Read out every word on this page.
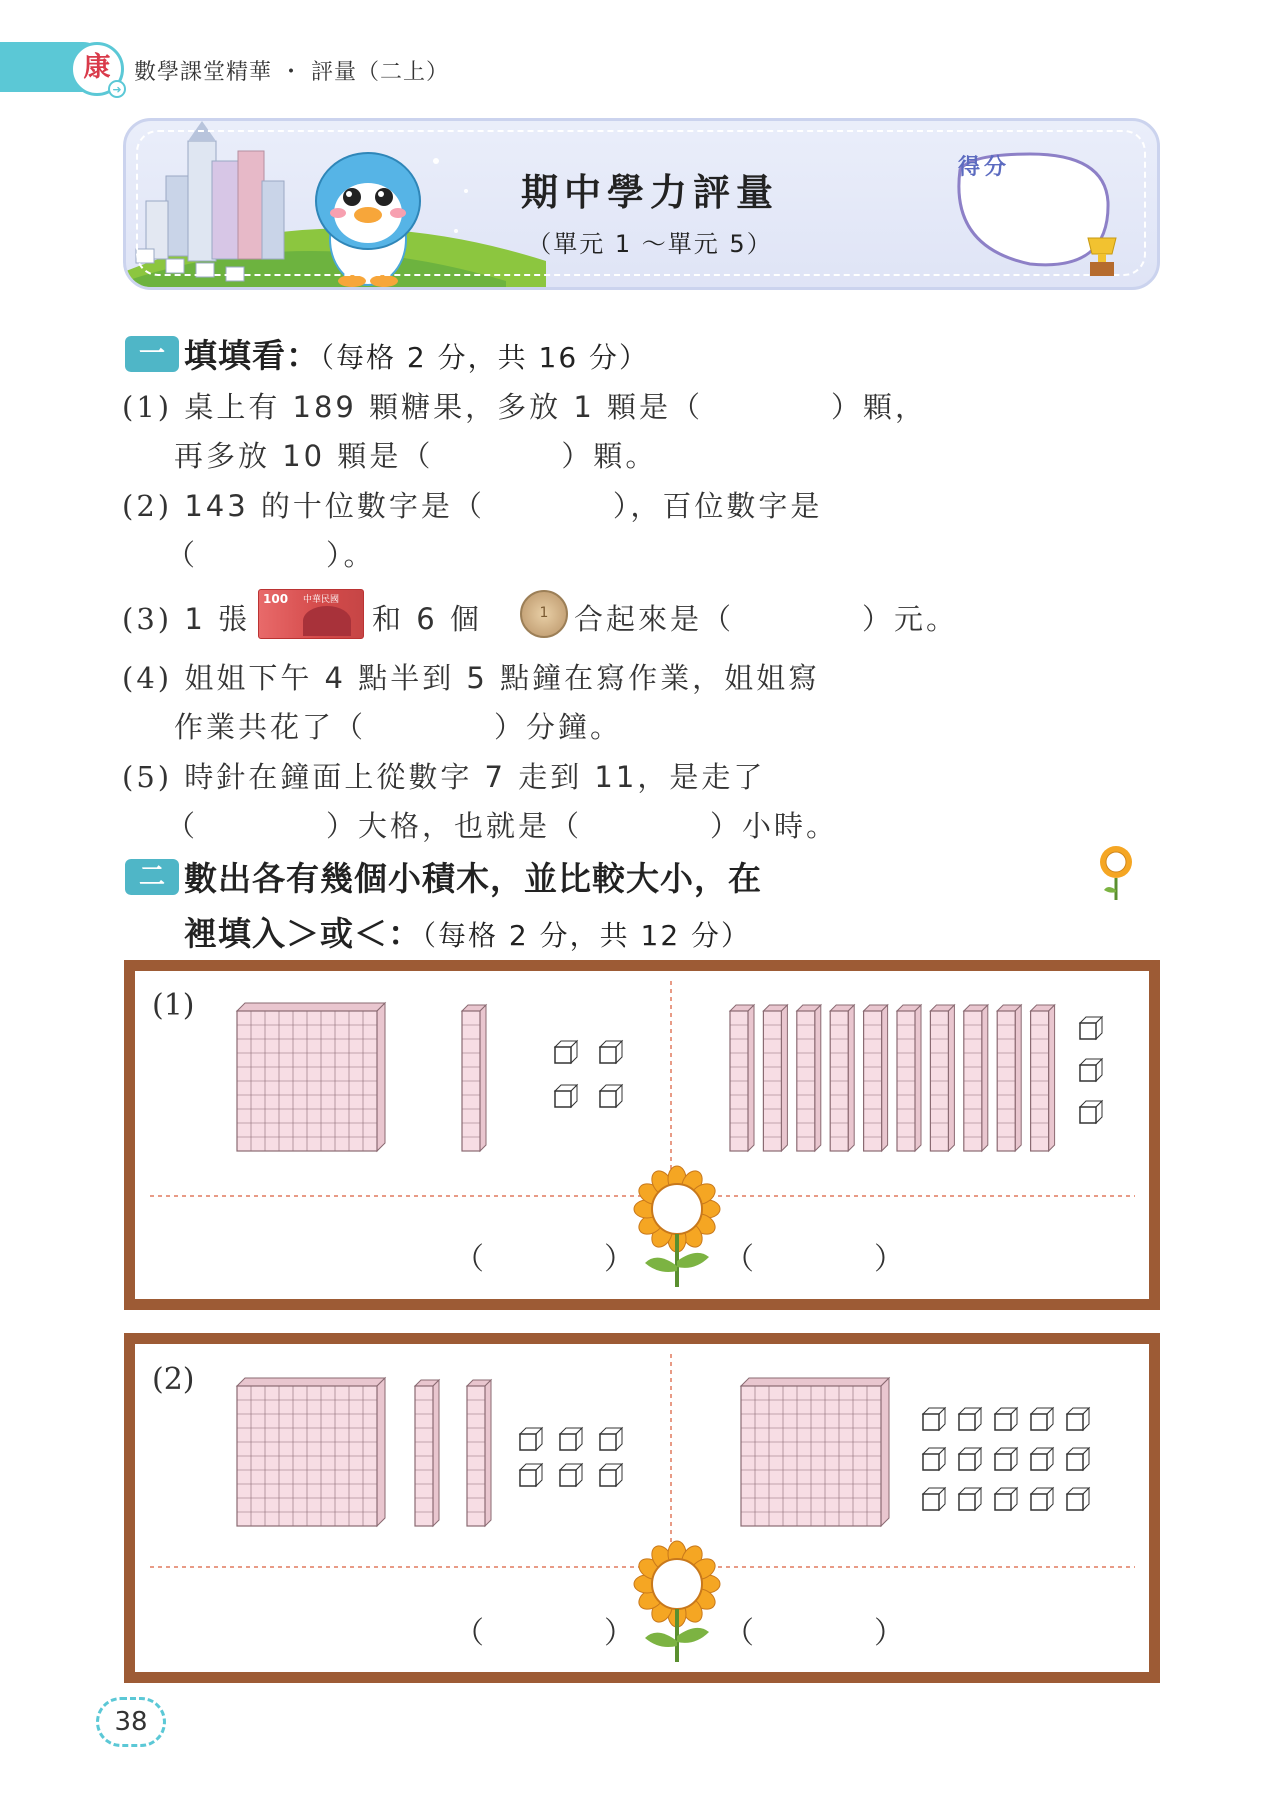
康
➜
數學課堂精華 ・ 評量（二上）
期中學力評量
（單元 1 ～單元 5）
得分
一 填填看：（每格 2 分，共 16 分）
(1) 桌上有 189 顆糖果，多放 1 顆是（　　　　）顆，
再多放 10 顆是（　　　　）顆。
(2) 143 的十位數字是（　　　　），百位數字是
（　　　　）。
(3) 1 張
100 中華民國
和 6 個	1 合起來是（　　　　）元。
(4) 姐姐下午 4 點半到 5 點鐘在寫作業，姐姐寫
作業共花了（　　　　）分鐘。
(5) 時針在鐘面上從數字 7 走到 11，是走了
（　　　　）大格，也就是（　　　　）小時。
二 數出各有幾個小積木，並比較大小，在
裡填入＞或＜：（每格 2 分，共 12 分）
(1)
（　　　　）	（　　　　）
(2)
（　　　　）	（　　　　）
38
